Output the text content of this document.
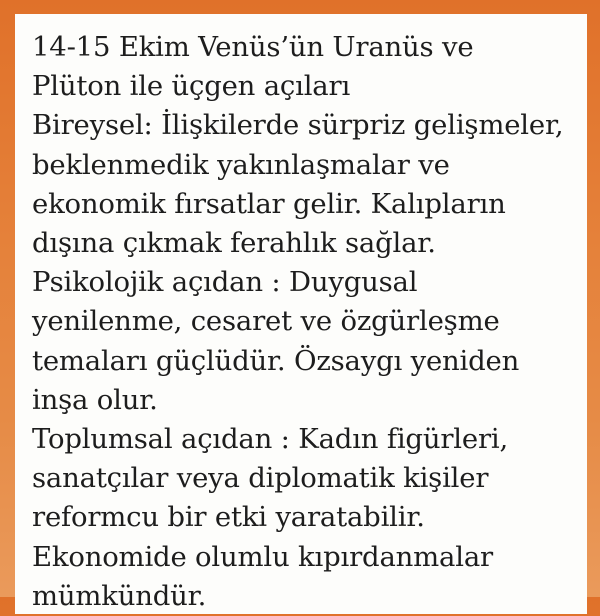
14-15 Ekim Venüs’ün Uranüs ve
Plüton ile üçgen açıları
Bireysel: İlişkilerde sürpriz gelişmeler,
beklenmedik yakınlaşmalar ve
ekonomik fırsatlar gelir. Kalıpların
dışına çıkmak ferahlık sağlar.
Psikolojik açıdan : Duygusal
yenilenme, cesaret ve özgürleşme
temaları güçlüdür. Özsaygı yeniden
inşa olur.
Toplumsal açıdan : Kadın figürleri,
sanatçılar veya diplomatik kişiler
reformcu bir etki yaratabilir.
Ekonomide olumlu kıpırdanmalar
mümkündür.
